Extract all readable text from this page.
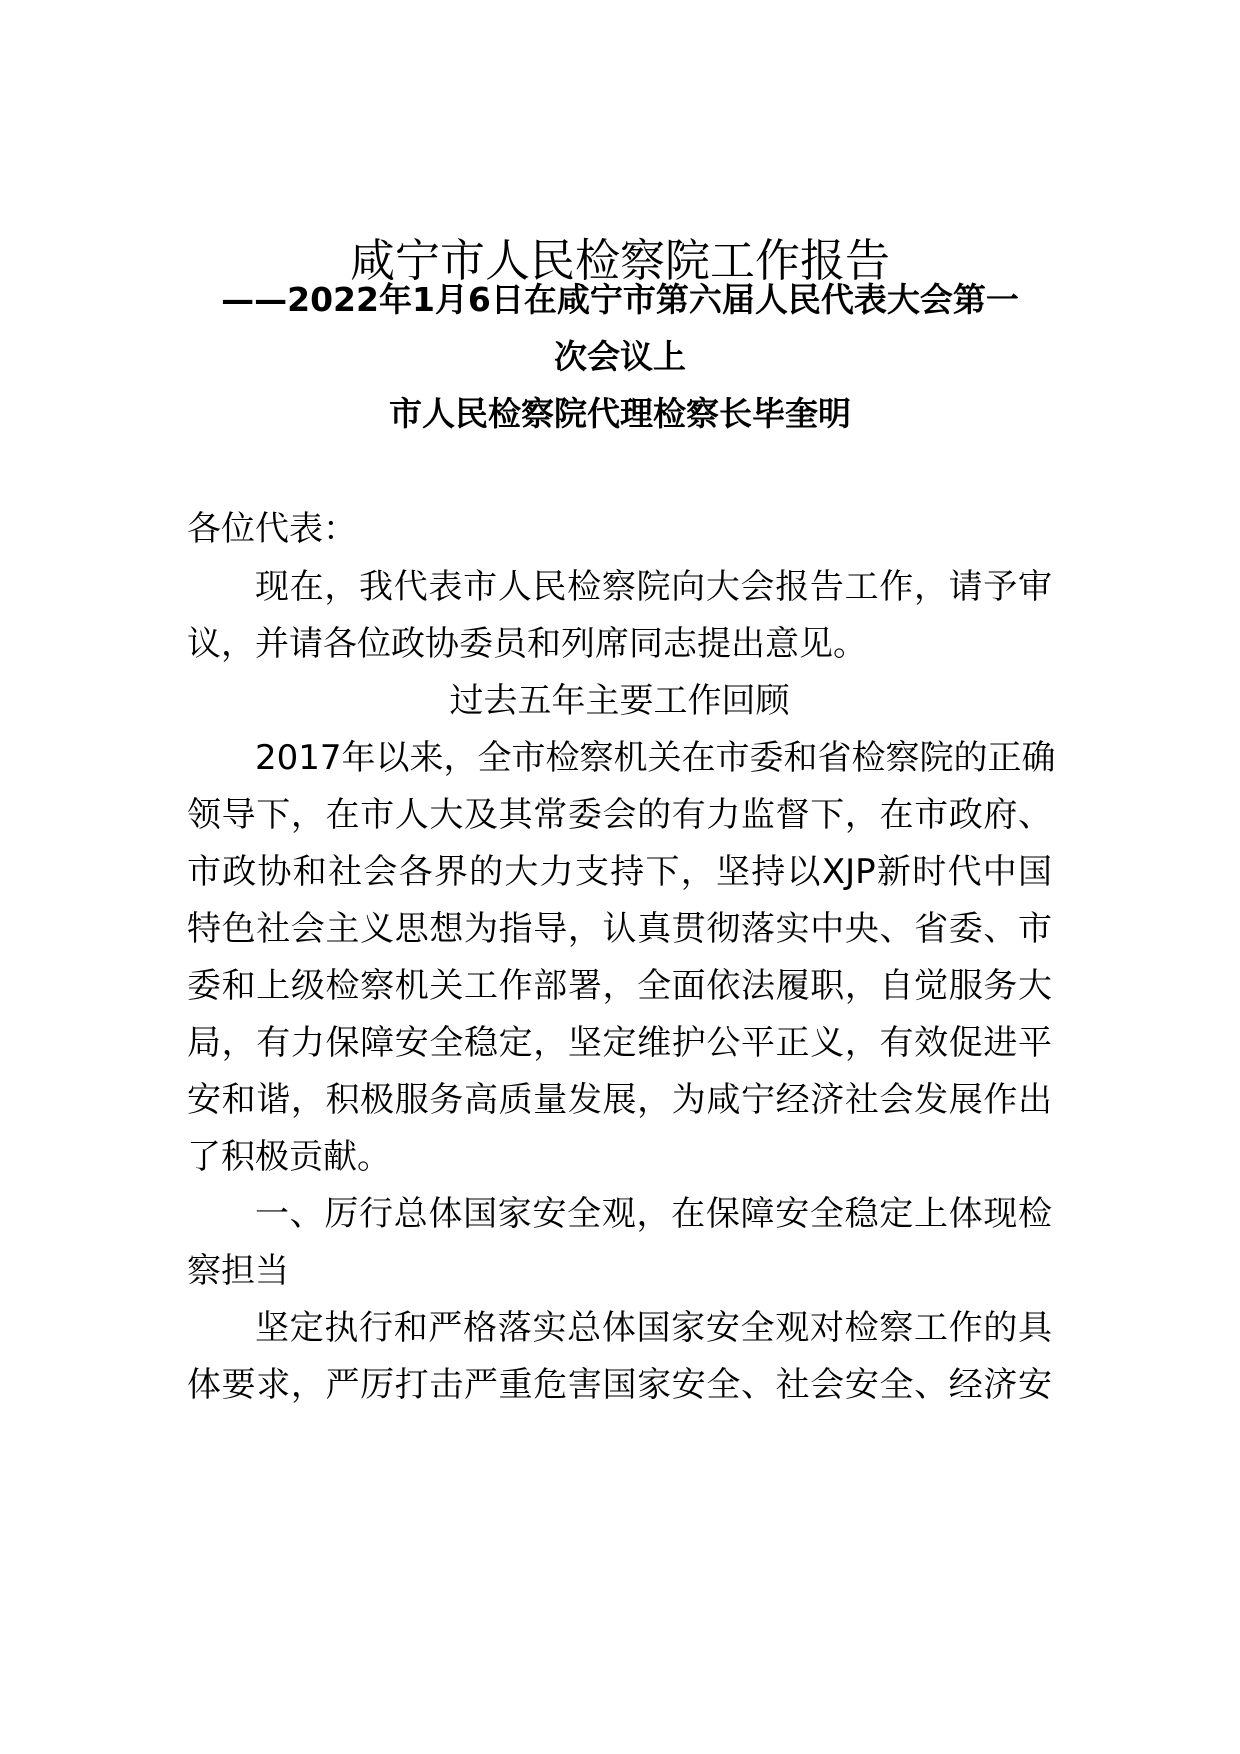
咸宁市人民检察院工作报告
——2022年1月6日在咸宁市第六届人民代表大会第一
次会议上
市人民检察院代理检察长毕奎明
各位代表：
现在，我代表市人民检察院向大会报告工作，请予审
议，并请各位政协委员和列席同志提出意见。
过去五年主要工作回顾
2017年以来，全市检察机关在市委和省检察院的正确
领导下，在市人大及其常委会的有力监督下，在市政府、
市政协和社会各界的大力支持下，坚持以XJP新时代中国
特色社会主义思想为指导，认真贯彻落实中央、省委、市
委和上级检察机关工作部署，全面依法履职，自觉服务大
局，有力保障安全稳定，坚定维护公平正义，有效促进平
安和谐，积极服务高质量发展，为咸宁经济社会发展作出
了积极贡献。
一、厉行总体国家安全观，在保障安全稳定上体现检
察担当
坚定执行和严格落实总体国家安全观对检察工作的具
体要求，严厉打击严重危害国家安全、社会安全、经济安
